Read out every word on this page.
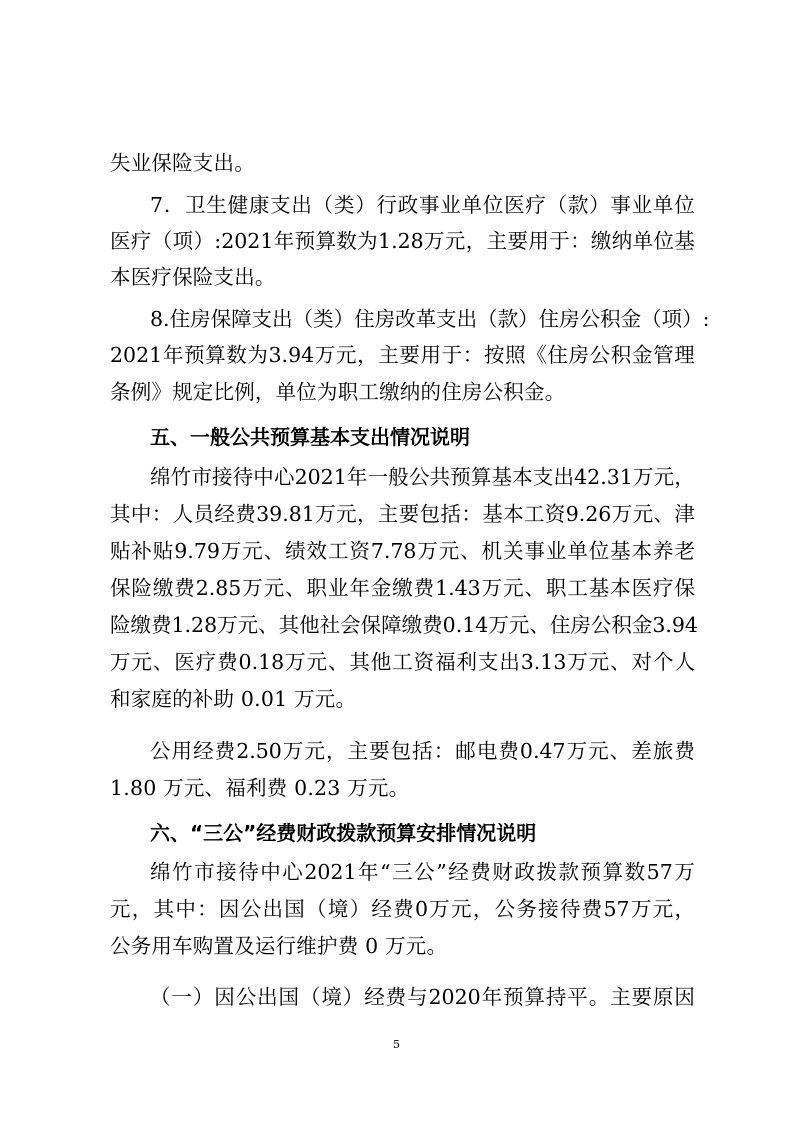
失业保险支出。
7 ． 卫 生 健 康 支 出 （ 类 ） 行 政 事 业 单 位 医 疗 （ 款 ） 事 业 单 位
医 疗 （ 项 ） :2021 年 预 算 数 为 1.28 万 元 ， 主 要 用 于 ： 缴 纳 单 位 基
本医疗保险支出。
8. 住 房 保 障 支 出 （ 类 ） 住 房 改 革 支 出 （ 款 ） 住 房 公 积 金 （ 项 ） :
2021 年 预 算 数 为 3.94 万 元 ， 主 要 用 于 ： 按 照 《 住 房 公 积 金 管 理
条例》规定比例，单位为职工缴纳的住房公积金。
五、一般公共预算基本支出情况说明
绵 竹 市 接 待 中 心 2021 年 一 般 公 共 预 算 基 本 支 出 42.31 万 元 ，
其 中 ： 人 员 经 费 39.81 万 元 ， 主 要 包 括 ： 基 本 工 资 9.26 万 元 、 津
贴 补 贴 9.79 万 元 、 绩 效 工 资 7.78 万 元 、 机 关 事 业 单 位 基 本 养 老
保 险 缴 费 2.85 万 元 、 职 业 年 金 缴 费 1.43 万 元 、 职 工 基 本 医 疗 保
险 缴 费 1.28 万 元 、 其 他 社 会 保 障 缴 费 0.14 万 元 、 住 房 公 积 金 3.94
万 元 、 医 疗 费 0.18 万 元 、 其 他 工 资 福 利 支 出 3.13 万 元 、 对 个 人
和家庭的补助 0.01 万元。
公 用 经 费 2.50 万 元 ， 主 要 包 括 ： 邮 电 费 0.47 万 元 、 差 旅 费
1.80 万元、福利费 0.23 万元。
六、“三公”经费财政拨款预算安排情况说明
绵 竹 市 接 待 中 心 2021 年 “ 三 公 ” 经 费 财 政 拨 款 预 算 数 57 万
元 ， 其 中 ： 因 公 出 国 （ 境 ） 经 费 0 万 元 ， 公 务 接 待 费 57 万 元 ，
公务用车购置及运行维护费 0 万元。
（ 一 ） 因 公 出 国 （ 境 ） 经 费 与 2020 年 预 算 持 平 。 主 要 原 因
5
